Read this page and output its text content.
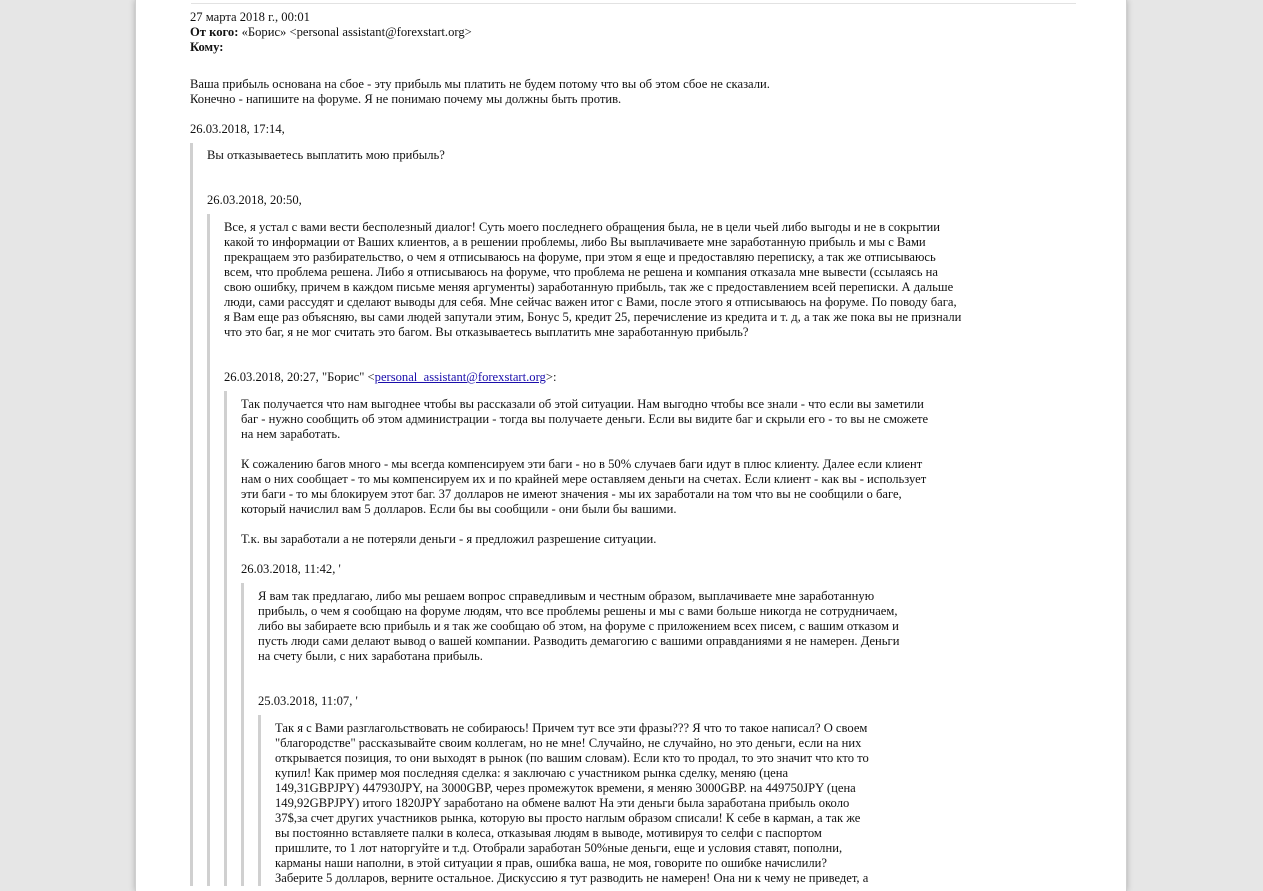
27 марта 2018 г., 00:01

От кого: «Борис» <personal assistant@forexstart.org>

Кому:

Ваша прибыль основана на сбое - эту прибыль мы платить не будем потому что вы об этом сбое не сказали.
Конечно - напишите на форуме. Я не понимаю почему мы должны быть против.
26.03.2018, 17:14,
Вы отказываетесь выплатить мою прибыль?
26.03.2018, 20:50,
Все, я устал с вами вести бесполезный диалог! Суть моего последнего обращения была, не в цели чьей либо выгоды и не в сокрытии
какой то информации от Ваших клиентов, а в решении проблемы, либо Вы выплачиваете мне заработанную прибыль и мы с Вами
прекращаем это разбирательство, о чем я отписываюсь на форуме, при этом я еще и предоставляю переписку, а так же отписываюсь
всем, что проблема решена. Либо я отписываюсь на форуме, что проблема не решена и компания отказала мне вывести (ссылаясь на
свою ошибку, причем в каждом письме меняя аргументы) заработанную прибыль, так же с предоставлением всей переписки. А дальше
люди, сами рассудят и сделают выводы для себя. Мне сейчас важен итог с Вами, после этого я отписываюсь на форуме. По поводу бага,
я Вам еще раз объясняю, вы сами людей запутали этим, Бонус 5, кредит 25, перечисление из кредита и т. д, а так же пока вы не признали
что это баг, я не мог считать это багом. Вы отказываетесь выплатить мне заработанную прибыль?
26.03.2018, 20:27, "Борис" <personal_assistant@forexstart.org>:
Так получается что нам выгоднее чтобы вы рассказали об этой ситуации. Нам выгодно чтобы все знали - что если вы заметили
баг - нужно сообщить об этом администрации - тогда вы получаете деньги. Если вы видите баг и скрыли его - то вы не сможете
на нем заработать.
К сожалению багов много - мы всегда компенсируем эти баги - но в 50% случаев баги идут в плюс клиенту. Далее если клиент
нам о них сообщает - то мы компенсируем их и по крайней мере оставляем деньги на счетах. Если клиент - как вы - использует
эти баги - то мы блокируем этот баг. 37 долларов не имеют значения - мы их заработали на том что вы не сообщили о баге,
который начислил вам 5 долларов. Если бы вы сообщили - они были бы вашими.
Т.к. вы заработали а не потеряли деньги - я предложил разрешение ситуации.
26.03.2018, 11:42, '
Я вам так предлагаю, либо мы решаем вопрос справедливым и честным образом, выплачиваете мне заработанную
прибыль, о чем я сообщаю на форуме людям, что все проблемы решены и мы с вами больше никогда не сотрудничаем,
либо вы забираете всю прибыль и я так же сообщаю об этом, на форуме с приложением всех писем, с вашим отказом и
пусть люди сами делают вывод о вашей компании. Разводить демагогию с вашими оправданиями я не намерен. Деньги
на счету были, с них заработана прибыль.
25.03.2018, 11:07, '
Так я с Вами разглагольствовать не собираюсь! Причем тут все эти фразы??? Я что то такое написал? О своем
"благородстве" рассказывайте своим коллегам, но не мне! Случайно, не случайно, но это деньги, если на них
открывается позиция, то они выходят в рынок (по вашим словам). Если кто то продал, то это значит что кто то
купил! Как пример моя последняя сделка: я заключаю с участником рынка сделку, меняю (цена
149,31GBPJPY) 447930JPY, на 3000GBP, через промежуток времени, я меняю 3000GBP. на 449750JPY (цена
149,92GBPJPY) итого 1820JPY заработано на обмене валют На эти деньги была заработана прибыль около
37$,за счет других участников рынка, которую вы просто наглым образом списали! К себе в карман, а так же
вы постоянно вставляете палки в колеса, отказывая людям в выводе, мотивируя то селфи с паспортом
пришлите, то 1 лот наторгуйте и т.д. Отобрали заработан 50%ные деньги, еще и условия ставят, пополни,
карманы наши наполни, в этой ситуации я прав, ошибка ваша, не моя, говорите по ошибке начислили?
Заберите 5 долларов, верните остальное. Дискуссию я тут разводить не намерен! Она ни к чему не приведет, а
